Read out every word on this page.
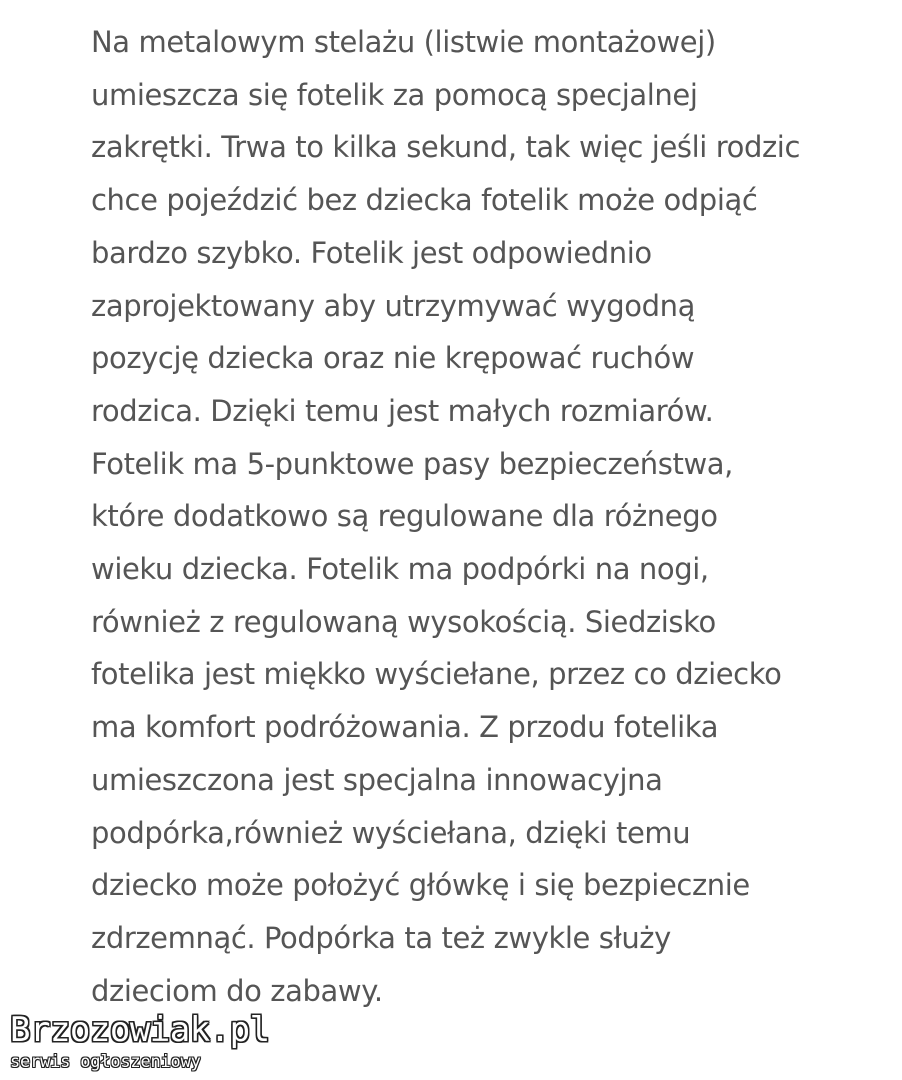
Na metalowym stelażu (listwie montażowej)
umieszcza się fotelik za pomocą specjalnej
zakrętki. Trwa to kilka sekund, tak więc jeśli rodzic
chce pojeździć bez dziecka fotelik może odpiąć
bardzo szybko. Fotelik jest odpowiednio
zaprojektowany aby utrzymywać wygodną
pozycję dziecka oraz nie krępować ruchów
rodzica. Dzięki temu jest małych rozmiarów.
Fotelik ma 5-punktowe pasy bezpieczeństwa,
które dodatkowo są regulowane dla różnego
wieku dziecka. Fotelik ma podpórki na nogi,
również z regulowaną wysokością. Siedzisko
fotelika jest miękko wyściełane, przez co dziecko
ma komfort podróżowania. Z przodu fotelika
umieszczona jest specjalna innowacyjna
podpórka,również wyściełana, dzięki temu
dziecko może położyć główkę i się bezpiecznie
zdrzemnąć. Podpórka ta też zwykle służy
dzieciom do zabawy.
Brzozowiak.pl
serwis ogłoszeniowy
